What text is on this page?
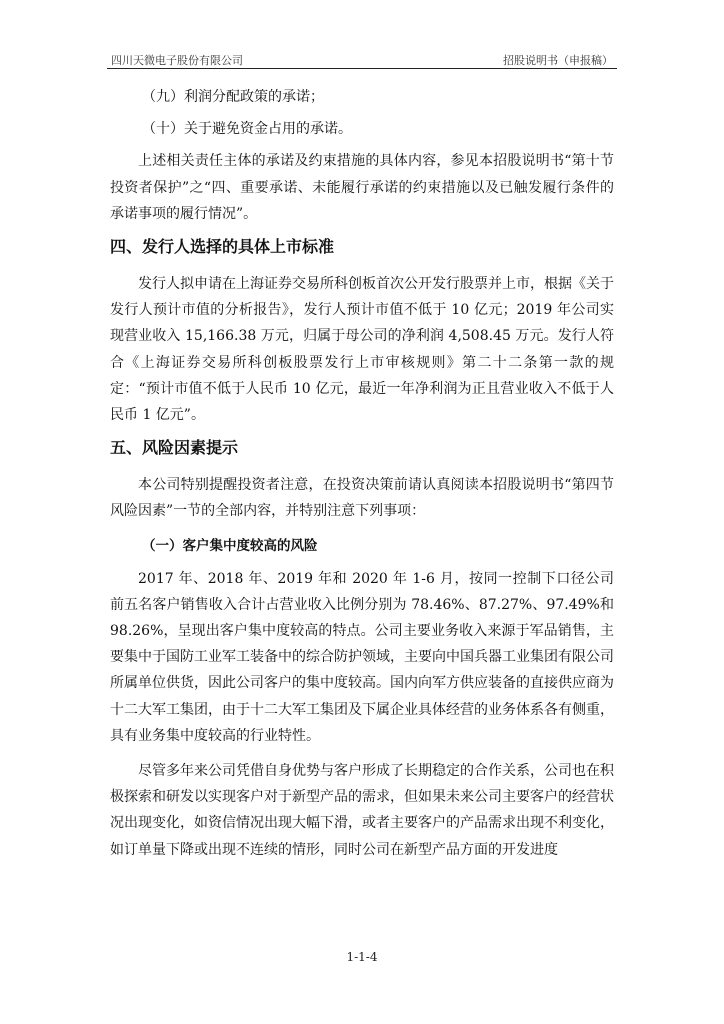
四川天微电子股份有限公司	招股说明书（申报稿）

（九）利润分配政策的承诺；

（十）关于避免资金占用的承诺。

上述相关责任主体的承诺及约束措施的具体内容，参见本招股说明书“第十节 投资者保护”之“四、重要承诺、未能履行承诺的约束措施以及已触发履行条件的承诺事项的履行情况”。

四、发行人选择的具体上市标准

发行人拟申请在上海证券交易所科创板首次公开发行股票并上市，根据《关于发行人预计市值的分析报告》，发行人预计市值不低于 10 亿元；2019 年公司实现营业收入 15,166.38 万元，归属于母公司的净利润 4,508.45 万元。发行人符合《上海证券交易所科创板股票发行上市审核规则》第二十二条第一款的规定：“预计市值不低于人民币 10 亿元，最近一年净利润为正且营业收入不低于人民币 1 亿元”。

五、风险因素提示

本公司特别提醒投资者注意，在投资决策前请认真阅读本招股说明书“第四节 风险因素”一节的全部内容，并特别注意下列事项：

（一）客户集中度较高的风险

2017 年、2018 年、2019 年和 2020 年 1-6 月，按同一控制下口径公司前五名客户销售收入合计占营业收入比例分别为 78.46%、87.27%、97.49%和 98.26%，呈现出客户集中度较高的特点。公司主要业务收入来源于军品销售，主要集中于国防工业军工装备中的综合防护领域，主要向中国兵器工业集团有限公司所属单位供货，因此公司客户的集中度较高。国内向军方供应装备的直接供应商为十二大军工集团，由于十二大军工集团及下属企业具体经营的业务体系各有侧重，具有业务集中度较高的行业特性。

尽管多年来公司凭借自身优势与客户形成了长期稳定的合作关系，公司也在积极探索和研发以实现客户对于新型产品的需求，但如果未来公司主要客户的经营状况出现变化，如资信情况出现大幅下滑，或者主要客户的产品需求出现不利变化，如订单量下降或出现不连续的情形，同时公司在新型产品方面的开发进度

1-1-4
